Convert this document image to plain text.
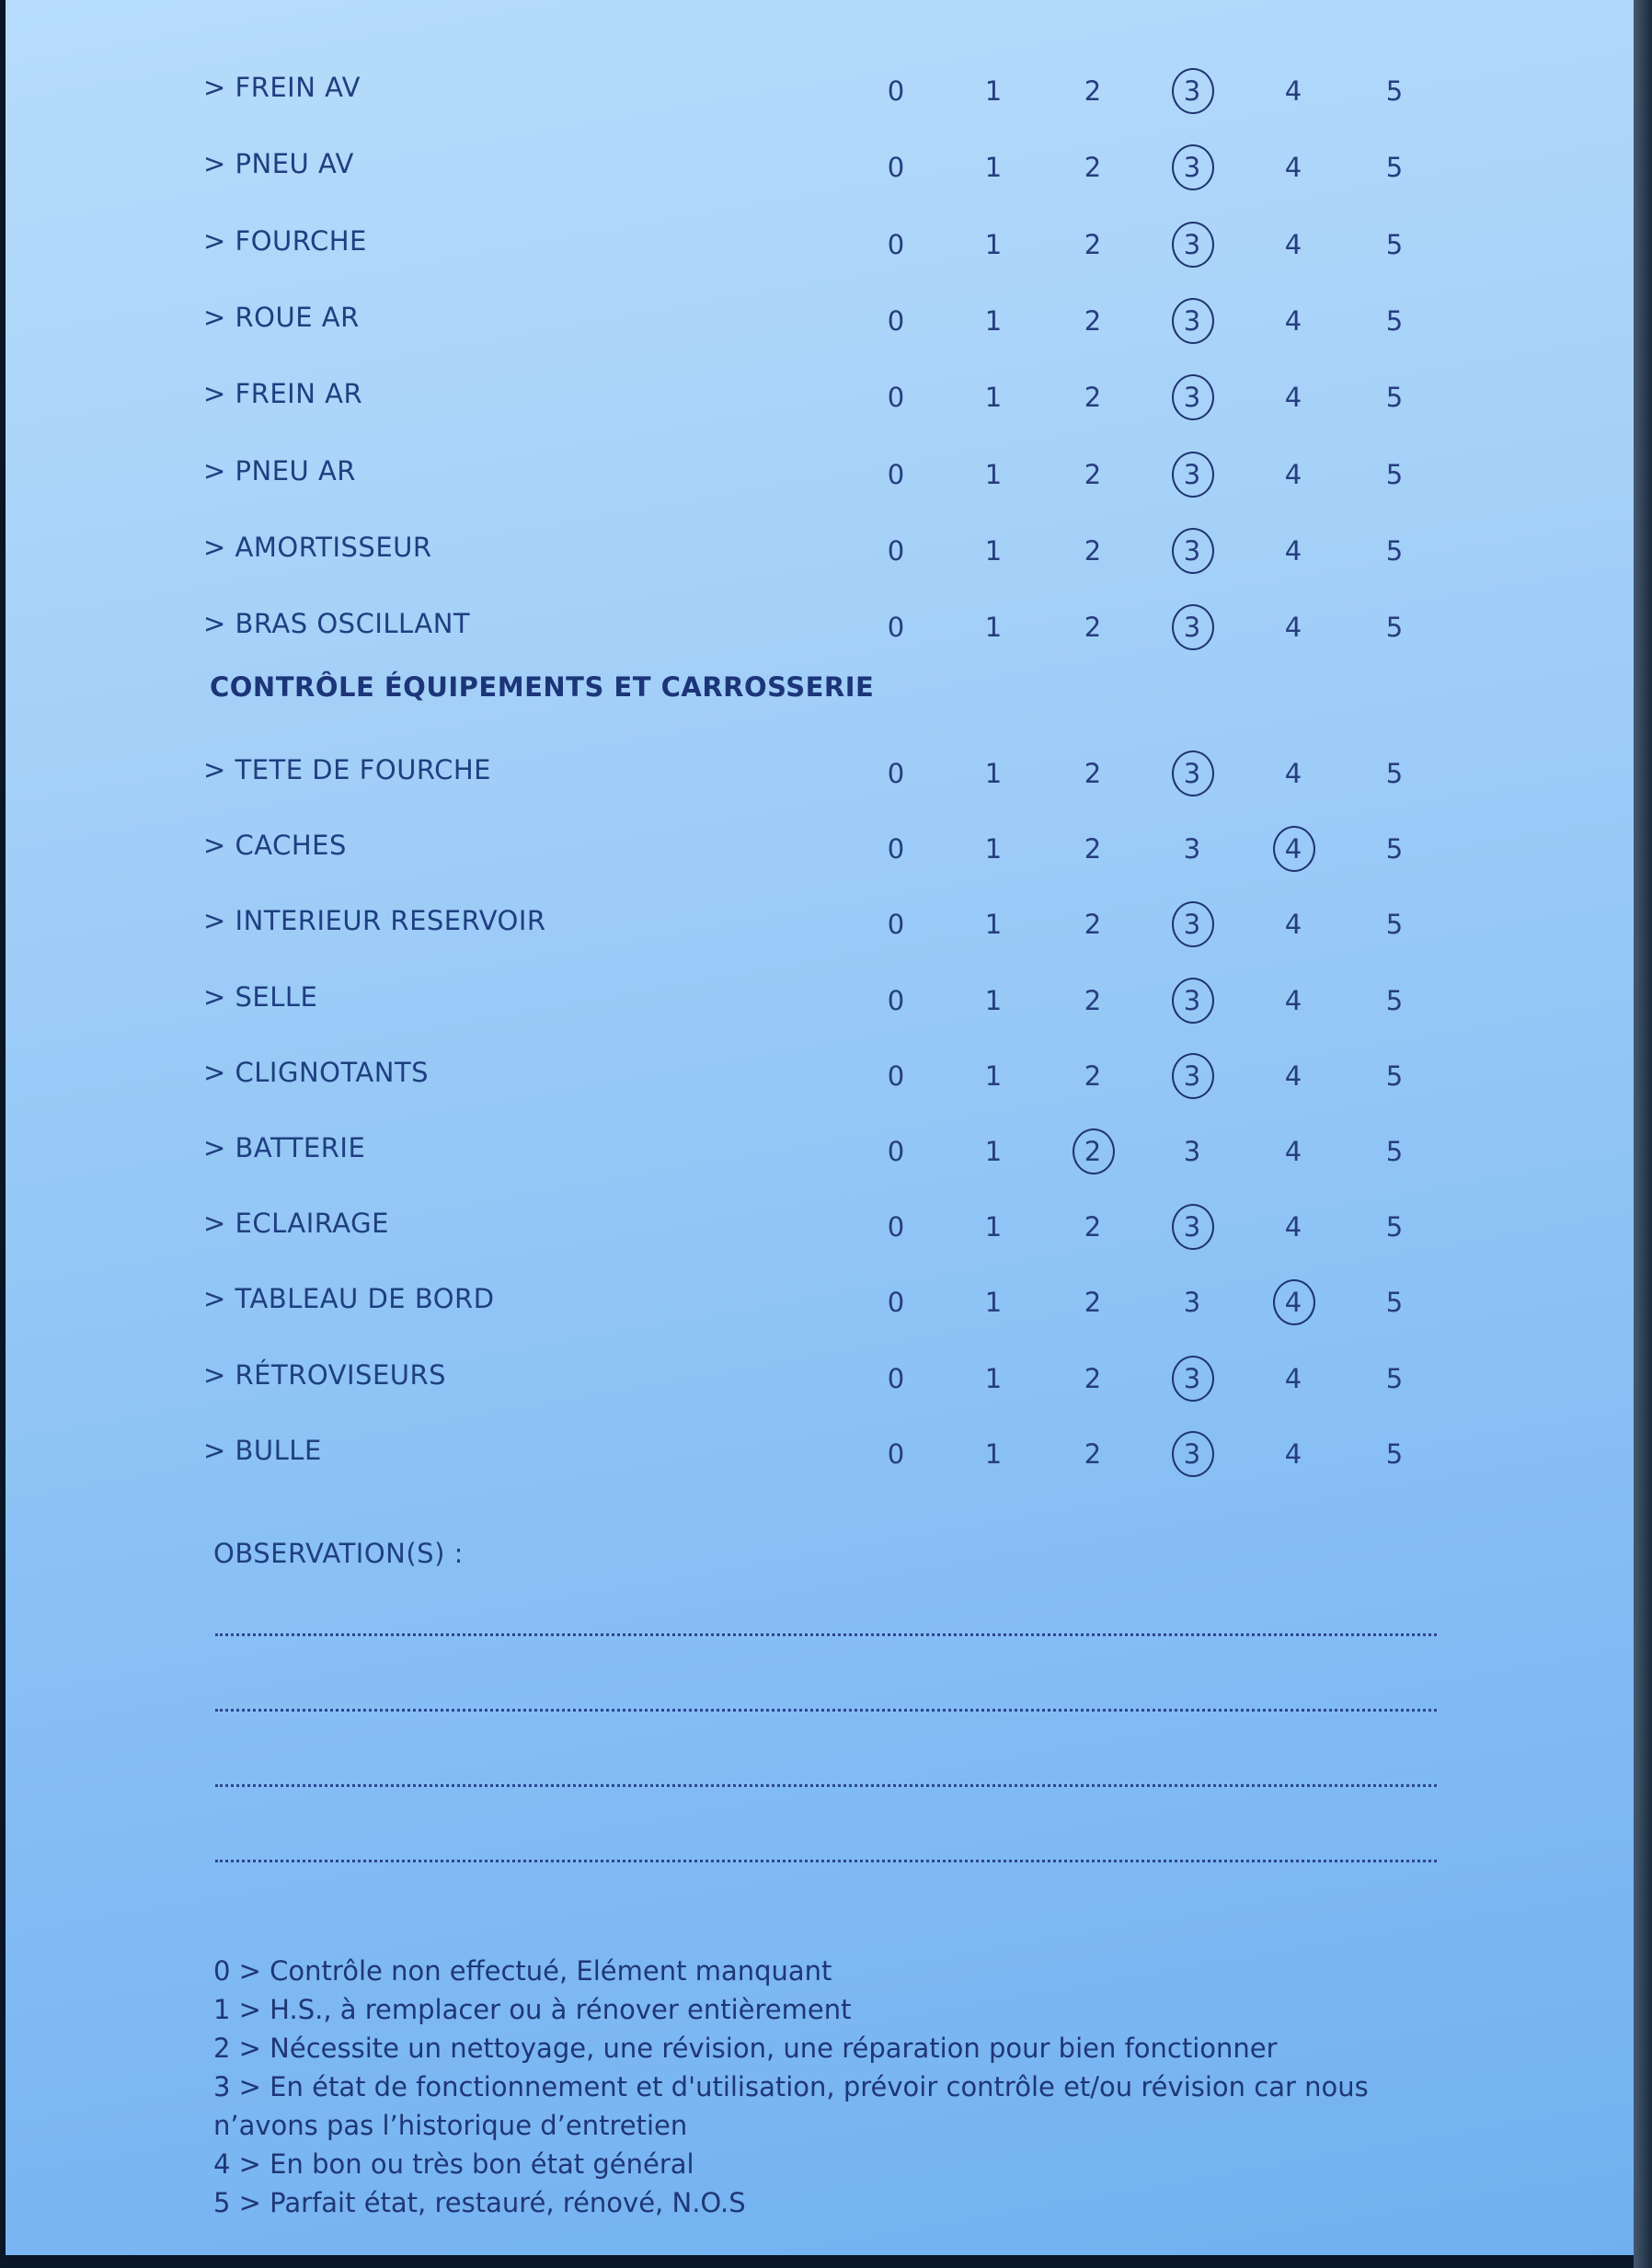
> FREIN AV	0	1	2	3	4	5
> PNEU AV	0	1	2	3	4	5
> FOURCHE	0	1	2	3	4	5
> ROUE AR	0	1	2	3	4	5
> FREIN AR	0	1	2	3	4	5
> PNEU AR	0	1	2	3	4	5
> AMORTISSEUR	0	1	2	3	4	5
> BRAS OSCILLANT	0	1	2	3	4	5
> TETE DE FOURCHE	0	1	2	3	4	5
> CACHES	0	1	2	3	4	5
> INTERIEUR RESERVOIR	0	1	2	3	4	5
> SELLE	0	1	2	3	4	5
> CLIGNOTANTS	0	1	2	3	4	5
> BATTERIE	0	1	2	3	4	5
> ECLAIRAGE	0	1	2	3	4	5
> TABLEAU DE BORD	0	1	2	3	4	5
> RÉTROVISEURS	0	1	2	3	4	5
> BULLE	0	1	2	3	4	5
CONTRÔLE ÉQUIPEMENTS ET CARROSSERIE
OBSERVATION(S) :
0 > Contrôle non effectué, Elément manquant
1 > H.S., à remplacer ou à rénover entièrement
2 > Nécessite un nettoyage, une révision, une réparation pour bien fonctionner
3 > En état de fonctionnement et d'utilisation, prévoir contrôle et/ou révision car nous
n’avons pas l’historique d’entretien
4 > En bon ou très bon état général
5 > Parfait état, restauré, rénové, N.O.S
